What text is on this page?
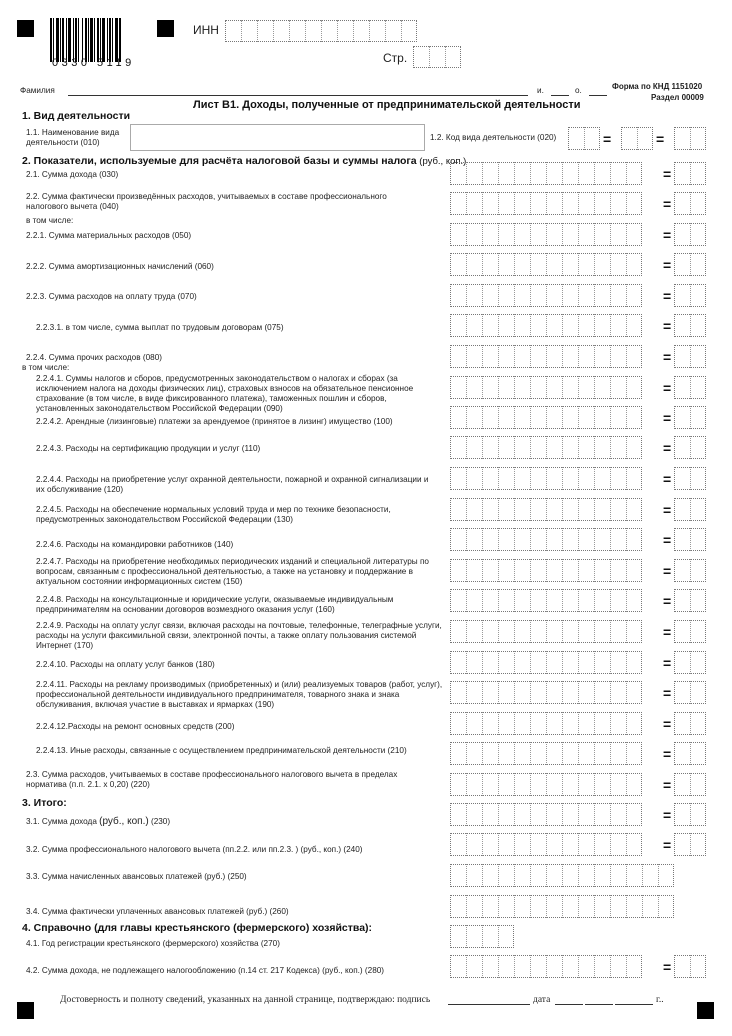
0330 5119
ИНН
Стр.
Фамилия	и.	о.	Форма по КНД 1151020
Раздел 00009
Лист В1. Доходы, полученные от предпринимательской деятельности
1. Вид деятельности
1.1. Наименование вида
деятельности (010)
1.2. Код вида деятельности (020)	=	=
2. Показатели, используемые для расчёта налоговой базы и суммы налога (руб., коп.)
в том числе:
в том числе:
2.1. Сумма дохода (030)	=
2.2. Сумма фактически произведённых расходов, учитываемых в составе профессионального налогового вычета (040)	=
2.2.1. Сумма материальных расходов (050)	=
2.2.2. Сумма амортизационных начислений (060)	=
2.2.3. Сумма расходов на оплату труда (070)	=
2.2.3.1. в том числе, сумма выплат по трудовым договорам (075)	=
2.2.4. Сумма прочих расходов (080)	=
2.2.4.1. Суммы налогов и сборов, предусмотренных законодательством о налогах и сборах (за исключением налога на доходы физических лиц), страховых взносов на обязательное пенсионное страхование (в том числе, в виде фиксированного платежа), таможенных пошлин и сборов, установленных законодательством Российской Федерации (090)
=
2.2.4.2. Арендные (лизинговые) платежи за арендуемое (принятое в лизинг) имущество (100)	=
2.2.4.3. Расходы на сертификацию продукции и услуг (110)	=
2.2.4.4. Расходы на приобретение услуг охранной деятельности, пожарной и охранной сигнализации и их обслуживание (120)
=
2.2.4.5. Расходы на обеспечение нормальных условий труда и мер по технике безопасности, предусмотренных законодательством Российской Федерации (130)
=
2.2.4.6. Расходы на командировки работников (140)	=
2.2.4.7. Расходы на приобретение необходимых периодических изданий и специальной литературы по вопросам, связанным с профессиональной деятельностью, а также на установку и поддержание в актуальном состоянии информационных систем (150)
=
2.2.4.8. Расходы на консультационные и юридические услуги, оказываемые индивидуальным предпринимателям на основании договоров возмездного оказания услуг (160)
=
2.2.4.9. Расходы на оплату услуг связи, включая расходы на почтовые, телефонные, телеграфные услуги, расходы на услуги факсимильной связи, электронной почты, а также оплату пользования системой Интернет (170)
=
2.2.4.10. Расходы на оплату услуг банков (180)	=
2.2.4.11. Расходы на рекламу производимых (приобретенных) и (или) реализуемых товаров (работ, услуг), профессиональной деятельности индивидуального предпринимателя, товарного знака и знака обслуживания, включая участие в выставках и ярмарках (190)
=
2.2.4.12.Расходы на ремонт основных средств (200)	=
2.2.4.13. Иные расходы, связанные с осуществлением предпринимательской деятельности (210)	=
2.3. Сумма расходов, учитываемых в составе профессионального налогового вычета в пределах норматива (п.п. 2.1. х 0,20) (220)	=
3. Итого:
3.1. Сумма дохода (руб., коп.) (230)	=
3.2. Сумма профессионального налогового вычета (пп.2.2. или пп.2.3. ) (руб., коп.) (240)	=
3.3. Сумма начисленных авансовых платежей (руб.) (250)
3.4. Сумма фактически уплаченных авансовых платежей (руб.) (260)
4. Справочно (для главы крестьянского (фермерского) хозяйства):
4.1. Год регистрации крестьянского (фермерского) хозяйства (270)
4.2. Сумма дохода, не подлежащего налогообложению (п.14 ст. 217 Кодекса) (руб., коп.) (280)	=
Достоверность и полноту сведений, указанных на данной странице, подтверждаю: подпись	дата	г..
